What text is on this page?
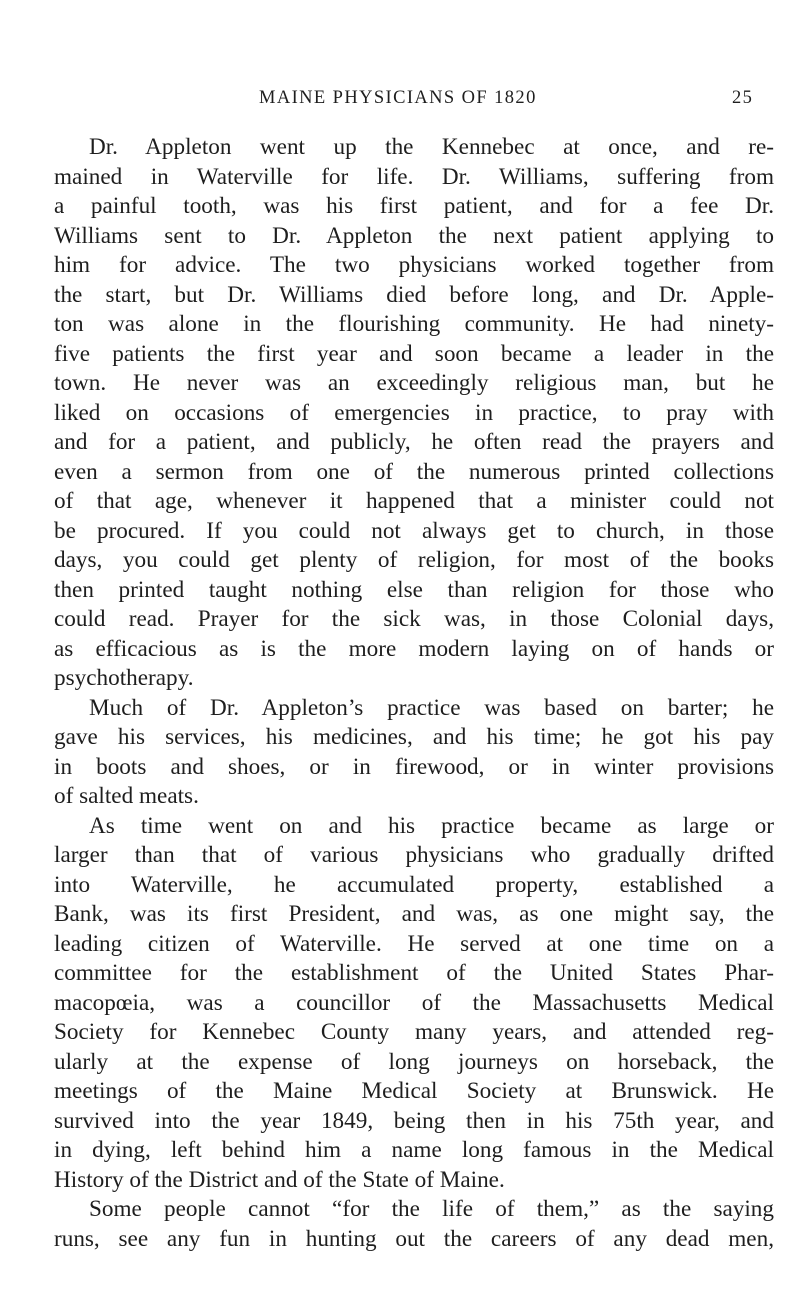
MAINE PHYSICIANS OF 1820	25
Dr. Appleton went up the Kennebec at once, and re-
mained in Waterville for life. Dr. Williams, suffering from
a painful tooth, was his first patient, and for a fee Dr.
Williams sent to Dr. Appleton the next patient applying to
him for advice. The two physicians worked together from
the start, but Dr. Williams died before long, and Dr. Apple-
ton was alone in the flourishing community. He had ninety-
five patients the first year and soon became a leader in the
town. He never was an exceedingly religious man, but he
liked on occasions of emergencies in practice, to pray with
and for a patient, and publicly, he often read the prayers and
even a sermon from one of the numerous printed collections
of that age, whenever it happened that a minister could not
be procured. If you could not always get to church, in those
days, you could get plenty of religion, for most of the books
then printed taught nothing else than religion for those who
could read. Prayer for the sick was, in those Colonial days,
as efficacious as is the more modern laying on of hands or
psychotherapy.
Much of Dr. Appleton’s practice was based on barter; he
gave his services, his medicines, and his time; he got his pay
in boots and shoes, or in firewood, or in winter provisions
of salted meats.
As time went on and his practice became as large or
larger than that of various physicians who gradually drifted
into Waterville, he accumulated property, established a
Bank, was its first President, and was, as one might say, the
leading citizen of Waterville. He served at one time on a
committee for the establishment of the United States Phar-
macopœia, was a councillor of the Massachusetts Medical
Society for Kennebec County many years, and attended reg-
ularly at the expense of long journeys on horseback, the
meetings of the Maine Medical Society at Brunswick. He
survived into the year 1849, being then in his 75th year, and
in dying, left behind him a name long famous in the Medical
History of the District and of the State of Maine.
Some people cannot “for the life of them,” as the saying
runs, see any fun in hunting out the careers of any dead men,
